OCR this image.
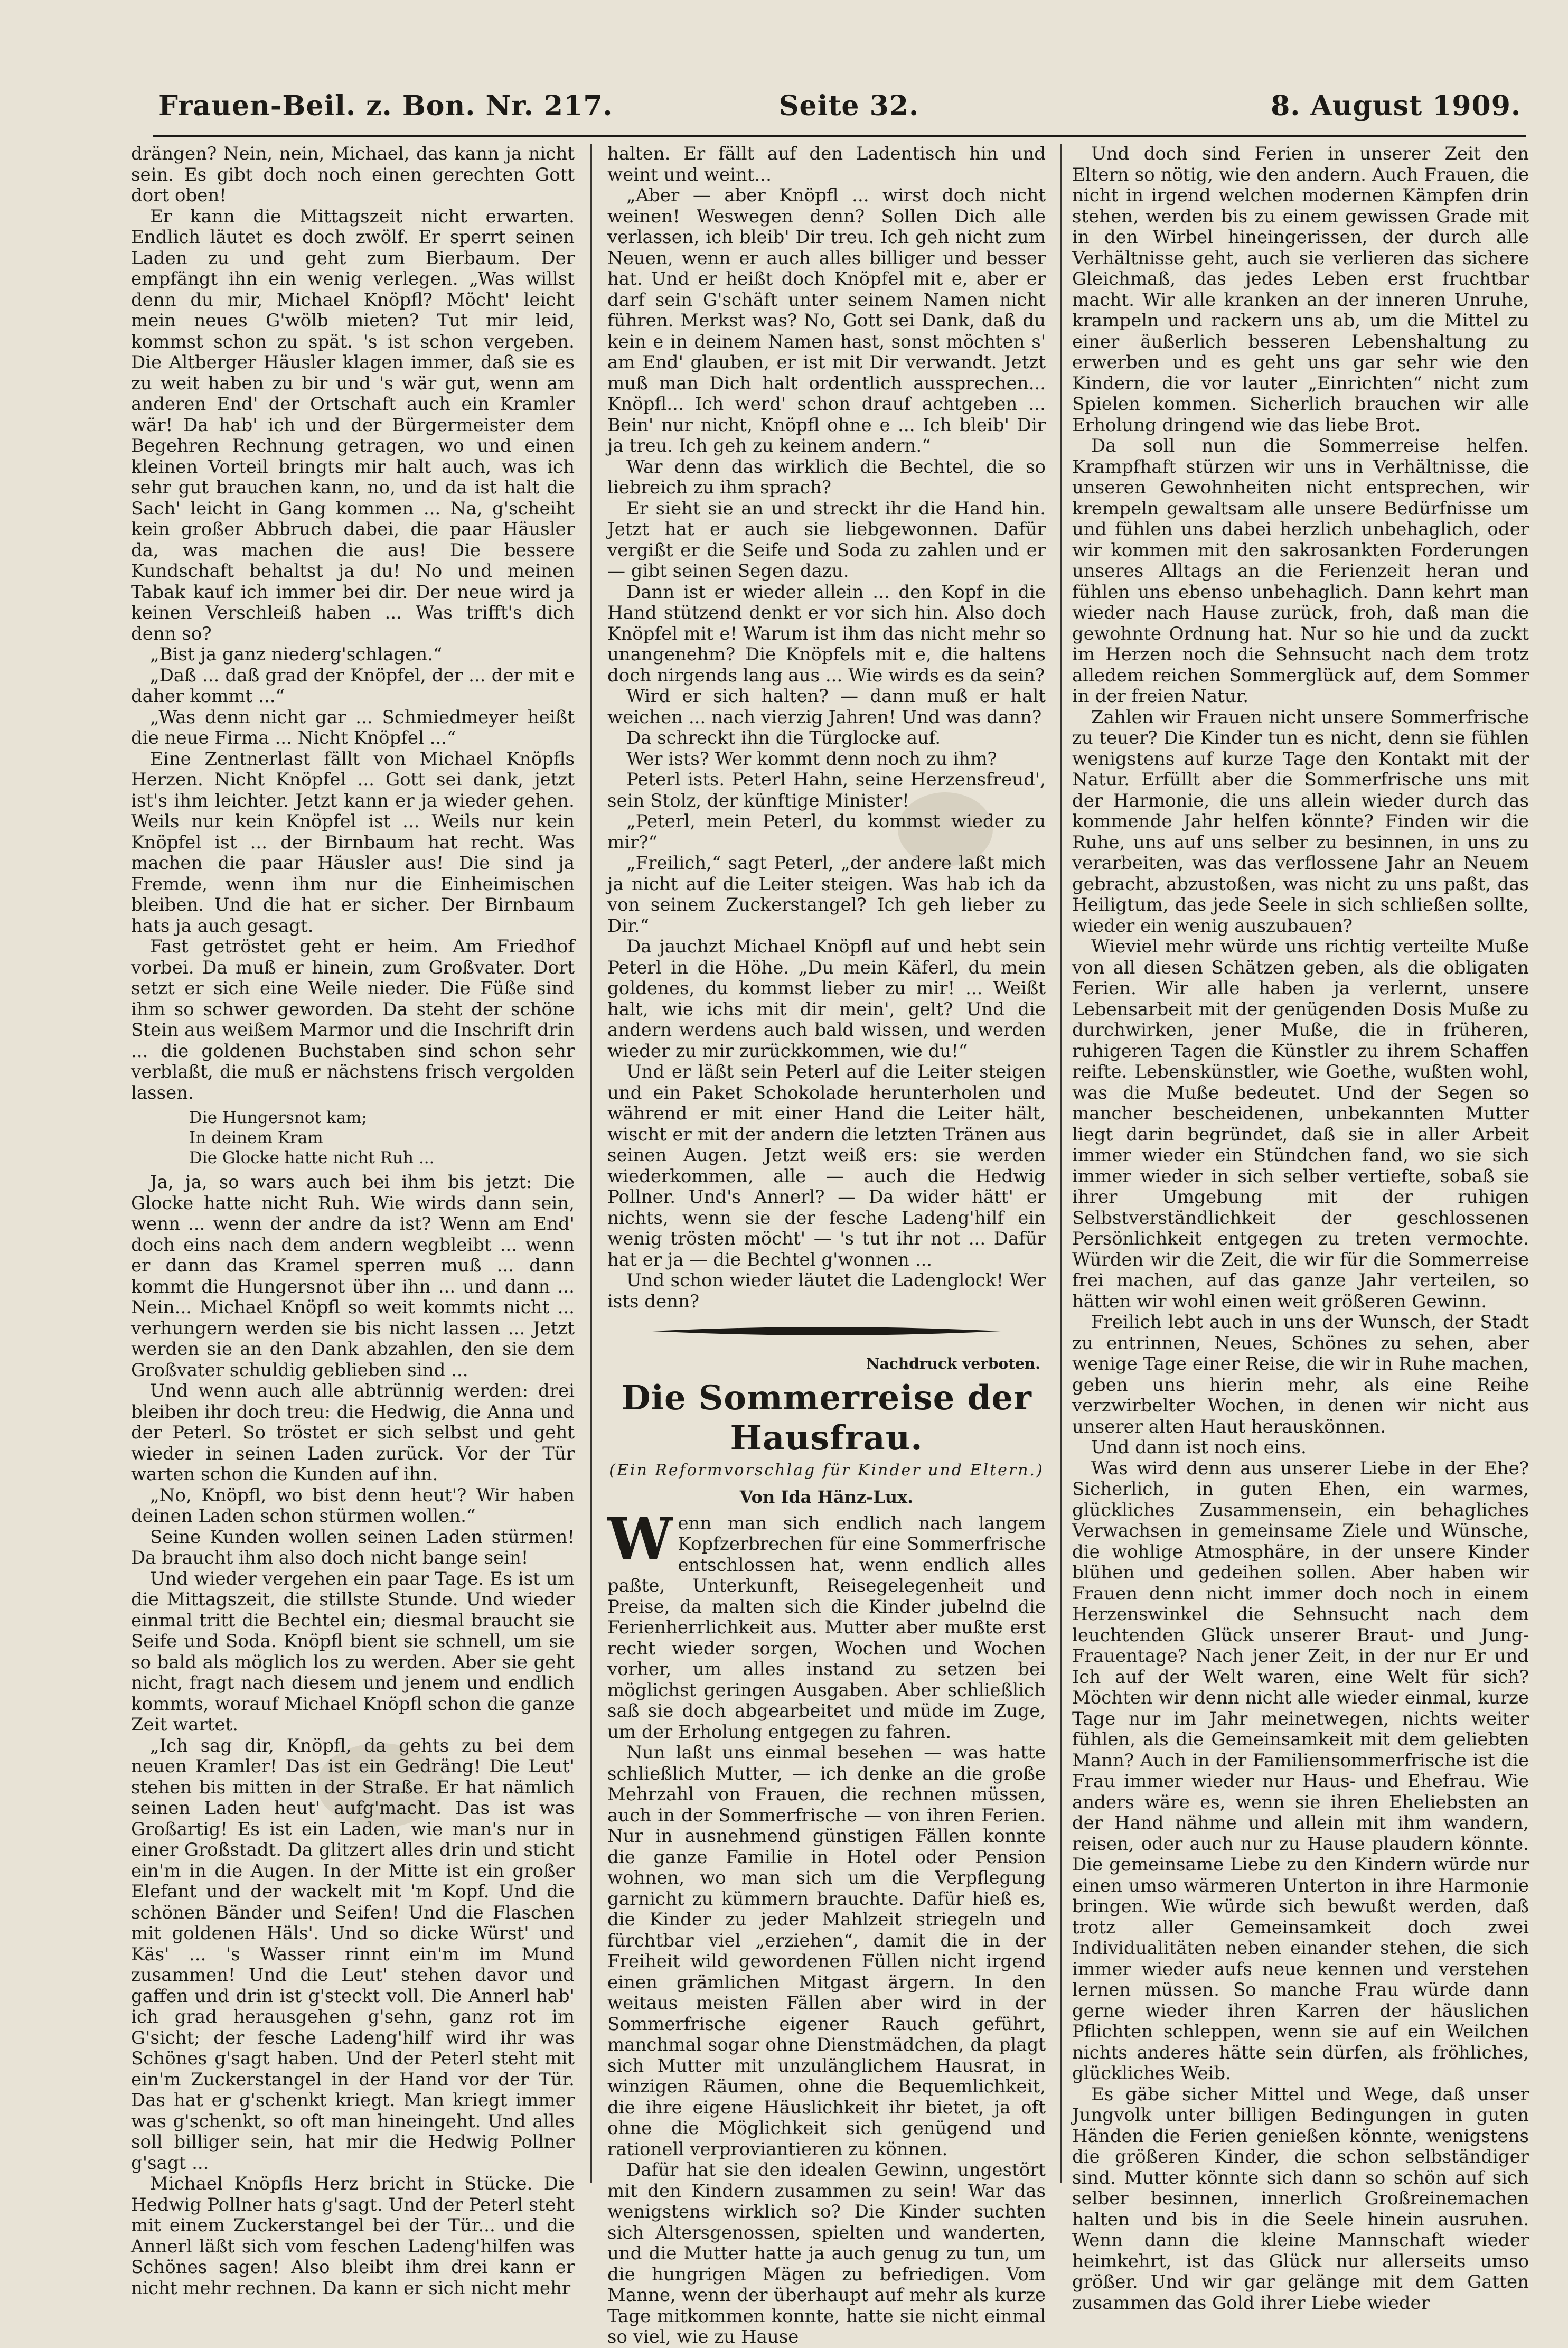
Frauen-Beil. z. Bon. Nr. 217.	Seite 32.	8. August 1909.

drängen? Nein, nein, Michael, das kann ja nicht sein. Es gibt doch noch einen gerechten Gott dort oben!

Er kann die Mittagszeit nicht erwarten. Endlich läutet es doch zwölf. Er sperrt seinen Laden zu und geht zum Bierbaum. Der empfängt ihn ein wenig verlegen. „Was willst denn du mir, Michael Knöpfl? Möcht' leicht mein neues G'wölb mieten? Tut mir leid, kommst schon zu spät. 's ist schon vergeben. Die Altberger Häusler klagen immer, daß sie es zu weit haben zu bir und 's wär gut, wenn am anderen End' der Ortschaft auch ein Kramler wär! Da hab' ich und der Bürgermeister dem Begehren Rechnung getragen, wo und einen kleinen Vorteil bringts mir halt auch, was ich sehr gut brauchen kann, no, und da ist halt die Sach' leicht in Gang kommen ... Na, g'scheiht kein großer Abbruch dabei, die paar Häusler da, was machen die aus! Die bessere Kundschaft behaltst ja du! No und meinen Tabak kauf ich immer bei dir. Der neue wird ja keinen Verschleiß haben ... Was trifft's dich denn so?

„Bist ja ganz niederg'schlagen.“

„Daß ... daß grad der Knöpfel, der ... der mit e daher kommt ...“

„Was denn nicht gar ... Schmiedmeyer heißt die neue Firma ... Nicht Knöpfel ...“

Eine Zentnerlast fällt von Michael Knöpfls Herzen. Nicht Knöpfel ... Gott sei dank, jetzt ist's ihm leichter. Jetzt kann er ja wieder gehen. Weils nur kein Knöpfel ist ... Weils nur kein Knöpfel ist ... der Birnbaum hat recht. Was machen die paar Häusler aus! Die sind ja Fremde, wenn ihm nur die Einheimischen bleiben. Und die hat er sicher. Der Birnbaum hats ja auch gesagt.

Fast getröstet geht er heim. Am Friedhof vorbei. Da muß er hinein, zum Großvater. Dort setzt er sich eine Weile nieder. Die Füße sind ihm so schwer geworden. Da steht der schöne Stein aus weißem Marmor und die Inschrift drin ... die goldenen Buchstaben sind schon sehr verblaßt, die muß er nächstens frisch vergolden lassen.

Die Hungersnot kam;
In deinem Kram
Die Glocke hatte nicht Ruh ...

Ja, ja, so wars auch bei ihm bis jetzt: Die Glocke hatte nicht Ruh. Wie wirds dann sein, wenn ... wenn der andre da ist? Wenn am End' doch eins nach dem andern wegbleibt ... wenn er dann das Kramel sperren muß ... dann kommt die Hungersnot über ihn ... und dann ... Nein... Michael Knöpfl so weit kommts nicht ... verhungern werden sie bis nicht lassen ... Jetzt werden sie an den Dank abzahlen, den sie dem Großvater schuldig geblieben sind ...

Und wenn auch alle abtrünnig werden: drei bleiben ihr doch treu: die Hedwig, die Anna und der Peterl. So tröstet er sich selbst und geht wieder in seinen Laden zurück. Vor der Tür warten schon die Kunden auf ihn.

„No, Knöpfl, wo bist denn heut'? Wir haben deinen Laden schon stürmen wollen.“

Seine Kunden wollen seinen Laden stürmen! Da braucht ihm also doch nicht bange sein!

Und wieder vergehen ein paar Tage. Es ist um die Mittagszeit, die stillste Stunde. Und wieder einmal tritt die Bechtel ein; diesmal braucht sie Seife und Soda. Knöpfl bient sie schnell, um sie so bald als möglich los zu werden. Aber sie geht nicht, fragt nach diesem und jenem und endlich kommts, worauf Michael Knöpfl schon die ganze Zeit wartet.

„Ich sag dir, Knöpfl, da gehts zu bei dem neuen Kramler! Das ist ein Gedräng! Die Leut' stehen bis mitten in der Straße. Er hat nämlich seinen Laden heut' aufg'macht. Das ist was Großartig! Es ist ein Laden, wie man's nur in einer Großstadt. Da glitzert alles drin und sticht ein'm in die Augen. In der Mitte ist ein großer Elefant und der wackelt mit 'm Kopf. Und die schönen Bänder und Seifen! Und die Flaschen mit goldenen Häls'. Und so dicke Würst' und Käs' ... 's Wasser rinnt ein'm im Mund zusammen! Und die Leut' stehen davor und gaffen und drin ist g'steckt voll. Die Annerl hab' ich grad herausgehen g'sehn, ganz rot im G'sicht; der fesche Ladeng'hilf wird ihr was Schönes g'sagt haben. Und der Peterl steht mit ein'm Zuckerstangel in der Hand vor der Tür. Das hat er g'schenkt kriegt. Man kriegt immer was g'schenkt, so oft man hineingeht. Und alles soll billiger sein, hat mir die Hedwig Pollner g'sagt ...

Michael Knöpfls Herz bricht in Stücke. Die Hedwig Pollner hats g'sagt. Und der Peterl steht mit einem Zuckerstangel bei der Tür... und die Annerl läßt sich vom feschen Ladeng'hilfen was Schönes sagen! Also bleibt ihm drei kann er nicht mehr rechnen. Da kann er sich nicht mehr

halten. Er fällt auf den Ladentisch hin und weint und weint...

„Aber — aber Knöpfl ... wirst doch nicht weinen! Weswegen denn? Sollen Dich alle verlassen, ich bleib' Dir treu. Ich geh nicht zum Neuen, wenn er auch alles billiger und besser hat. Und er heißt doch Knöpfel mit e, aber er darf sein G'schäft unter seinem Namen nicht führen. Merkst was? No, Gott sei Dank, daß du kein e in deinem Namen hast, sonst möchten s' am End' glauben, er ist mit Dir verwandt. Jetzt muß man Dich halt ordentlich aussprechen... Knöpfl... Ich werd' schon drauf achtgeben ... Bein' nur nicht, Knöpfl ohne e ... Ich bleib' Dir ja treu. Ich geh zu keinem andern.“

War denn das wirklich die Bechtel, die so liebreich zu ihm sprach?

Er sieht sie an und streckt ihr die Hand hin. Jetzt hat er auch sie liebgewonnen. Dafür vergißt er die Seife und Soda zu zahlen und er — gibt seinen Segen dazu.

Dann ist er wieder allein ... den Kopf in die Hand stützend denkt er vor sich hin. Also doch Knöpfel mit e! Warum ist ihm das nicht mehr so unangenehm? Die Knöpfels mit e, die haltens doch nirgends lang aus ... Wie wirds es da sein?

Wird er sich halten? — dann muß er halt weichen ... nach vierzig Jahren! Und was dann?

Da schreckt ihn die Türglocke auf.

Wer ists? Wer kommt denn noch zu ihm?

Peterl ists. Peterl Hahn, seine Herzensfreud', sein Stolz, der künftige Minister!

„Peterl, mein Peterl, du kommst wieder zu mir?“

„Freilich,“ sagt Peterl, „der andere laßt mich ja nicht auf die Leiter steigen. Was hab ich da von seinem Zuckerstangel? Ich geh lieber zu Dir.“

Da jauchzt Michael Knöpfl auf und hebt sein Peterl in die Höhe. „Du mein Käferl, du mein goldenes, du kommst lieber zu mir! ... Weißt halt, wie ichs mit dir mein', gelt? Und die andern werdens auch bald wissen, und werden wieder zu mir zurückkommen, wie du!“

Und er läßt sein Peterl auf die Leiter steigen und ein Paket Schokolade herunterholen und während er mit einer Hand die Leiter hält, wischt er mit der andern die letzten Tränen aus seinen Augen. Jetzt weiß ers: sie werden wiederkommen, alle — auch die Hedwig Pollner. Und's Annerl? — Da wider hätt' er nichts, wenn sie der fesche Ladeng'hilf ein wenig trösten möcht' — 's tut ihr not ... Dafür hat er ja — die Bechtel g'wonnen ...

Und schon wieder läutet die Ladenglock! Wer ists denn?

Nachdruck verboten.
Die Sommerreise der Hausfrau.
(Ein Reformvorschlag für Kinder und Eltern.)
Von Ida Hänz-Lux.

Wenn man sich endlich nach langem Kopfzerbrechen für eine Sommerfrische entschlossen hat, wenn endlich alles paßte, Unterkunft, Reisegelegenheit und Preise, da malten sich die Kinder jubelnd die Ferienherrlichkeit aus. Mutter aber mußte erst recht wieder sorgen, Wochen und Wochen vorher, um alles instand zu setzen bei möglichst geringen Ausgaben. Aber schließlich saß sie doch abgearbeitet und müde im Zuge, um der Erholung entgegen zu fahren.

Nun laßt uns einmal besehen — was hatte schließlich Mutter, — ich denke an die große Mehrzahl von Frauen, die rechnen müssen, auch in der Sommerfrische — von ihren Ferien. Nur in ausnehmend günstigen Fällen konnte die ganze Familie in Hotel oder Pension wohnen, wo man sich um die Verpflegung garnicht zu kümmern brauchte. Dafür hieß es, die Kinder zu jeder Mahlzeit striegeln und fürchtbar viel „erziehen“, damit die in der Freiheit wild gewordenen Füllen nicht irgend einen grämlichen Mitgast ärgern. In den weitaus meisten Fällen aber wird in der Sommerfrische eigener Rauch geführt, manchmal sogar ohne Dienstmädchen, da plagt sich Mutter mit unzulänglichem Hausrat, in winzigen Räumen, ohne die Bequemlichkeit, die ihre eigene Häuslichkeit ihr bietet, ja oft ohne die Möglichkeit sich genügend und rationell verproviantieren zu können.

Dafür hat sie den idealen Gewinn, ungestört mit den Kindern zusammen zu sein! War das wenigstens wirklich so? Die Kinder suchten sich Altersgenossen, spielten und wanderten, und die Mutter hatte ja auch genug zu tun, um die hungrigen Mägen zu befriedigen. Vom Manne, wenn der überhaupt auf mehr als kurze Tage mitkommen konnte, hatte sie nicht einmal so viel, wie zu Hause

Und doch sind Ferien in unserer Zeit den Eltern so nötig, wie den andern. Auch Frauen, die nicht in irgend welchen modernen Kämpfen drin stehen, werden bis zu einem gewissen Grade mit in den Wirbel hineingerissen, der durch alle Verhältnisse geht, auch sie verlieren das sichere Gleichmaß, das jedes Leben erst fruchtbar macht. Wir alle kranken an der inneren Unruhe, krampeln und rackern uns ab, um die Mittel zu einer äußerlich besseren Lebenshaltung zu erwerben und es geht uns gar sehr wie den Kindern, die vor lauter „Einrichten“ nicht zum Spielen kommen. Sicherlich brauchen wir alle Erholung dringend wie das liebe Brot.

Da soll nun die Sommerreise helfen. Krampfhaft stürzen wir uns in Verhältnisse, die unseren Gewohnheiten nicht entsprechen, wir krempeln gewaltsam alle unsere Bedürfnisse um und fühlen uns dabei herzlich unbehaglich, oder wir kommen mit den sakrosankten Forderungen unseres Alltags an die Ferienzeit heran und fühlen uns ebenso unbehaglich. Dann kehrt man wieder nach Hause zurück, froh, daß man die gewohnte Ordnung hat. Nur so hie und da zuckt im Herzen noch die Sehnsucht nach dem trotz alledem reichen Sommerglück auf, dem Sommer in der freien Natur.

Zahlen wir Frauen nicht unsere Sommerfrische zu teuer? Die Kinder tun es nicht, denn sie fühlen wenigstens auf kurze Tage den Kontakt mit der Natur. Erfüllt aber die Sommerfrische uns mit der Harmonie, die uns allein wieder durch das kommende Jahr helfen könnte? Finden wir die Ruhe, uns auf uns selber zu besinnen, in uns zu verarbeiten, was das verflossene Jahr an Neuem gebracht, abzustoßen, was nicht zu uns paßt, das Heiligtum, das jede Seele in sich schließen sollte, wieder ein wenig auszubauen?

Wieviel mehr würde uns richtig verteilte Muße von all diesen Schätzen geben, als die obligaten Ferien. Wir alle haben ja verlernt, unsere Lebensarbeit mit der genügenden Dosis Muße zu durchwirken, jener Muße, die in früheren, ruhigeren Tagen die Künstler zu ihrem Schaffen reifte. Lebenskünstler, wie Goethe, wußten wohl, was die Muße bedeutet. Und der Segen so mancher bescheidenen, unbekannten Mutter liegt darin begründet, daß sie in aller Arbeit immer wieder ein Stündchen fand, wo sie sich immer wieder in sich selber vertiefte, sobaß sie ihrer Umgebung mit der ruhigen Selbstverständlichkeit der geschlossenen Persönlichkeit entgegen zu treten vermochte. Würden wir die Zeit, die wir für die Sommerreise frei machen, auf das ganze Jahr verteilen, so hätten wir wohl einen weit größeren Gewinn.

Freilich lebt auch in uns der Wunsch, der Stadt zu entrinnen, Neues, Schönes zu sehen, aber wenige Tage einer Reise, die wir in Ruhe machen, geben uns hierin mehr, als eine Reihe verzwirbelter Wochen, in denen wir nicht aus unserer alten Haut herauskönnen.

Und dann ist noch eins.

Was wird denn aus unserer Liebe in der Ehe? Sicherlich, in guten Ehen, ein warmes, glückliches Zusammensein, ein behagliches Verwachsen in gemeinsame Ziele und Wünsche, die wohlige Atmosphäre, in der unsere Kinder blühen und gedeihen sollen. Aber haben wir Frauen denn nicht immer doch noch in einem Herzenswinkel die Sehnsucht nach dem leuchtenden Glück unserer Braut- und Jung-Frauentage? Nach jener Zeit, in der nur Er und Ich auf der Welt waren, eine Welt für sich? Möchten wir denn nicht alle wieder einmal, kurze Tage nur im Jahr meinetwegen, nichts weiter fühlen, als die Gemeinsamkeit mit dem geliebten Mann? Auch in der Familiensommerfrische ist die Frau immer wieder nur Haus- und Ehefrau. Wie anders wäre es, wenn sie ihren Eheliebsten an der Hand nähme und allein mit ihm wandern, reisen, oder auch nur zu Hause plaudern könnte. Die gemeinsame Liebe zu den Kindern würde nur einen umso wärmeren Unterton in ihre Harmonie bringen. Wie würde sich bewußt werden, daß trotz aller Gemeinsamkeit doch zwei Individualitäten neben einander stehen, die sich immer wieder aufs neue kennen und verstehen lernen müssen. So manche Frau würde dann gerne wieder ihren Karren der häuslichen Pflichten schleppen, wenn sie auf ein Weilchen nichts anderes hätte sein dürfen, als fröhliches, glückliches Weib.

Es gäbe sicher Mittel und Wege, daß unser Jungvolk unter billigen Bedingungen in guten Händen die Ferien genießen könnte, wenigstens die größeren Kinder, die schon selbständiger sind. Mutter könnte sich dann so schön auf sich selber besinnen, innerlich Großreinemachen halten und bis in die Seele hinein ausruhen. Wenn dann die kleine Mannschaft wieder heimkehrt, ist das Glück nur allerseits umso größer. Und wir gar gelänge mit dem Gatten zusammen das Gold ihrer Liebe wieder
